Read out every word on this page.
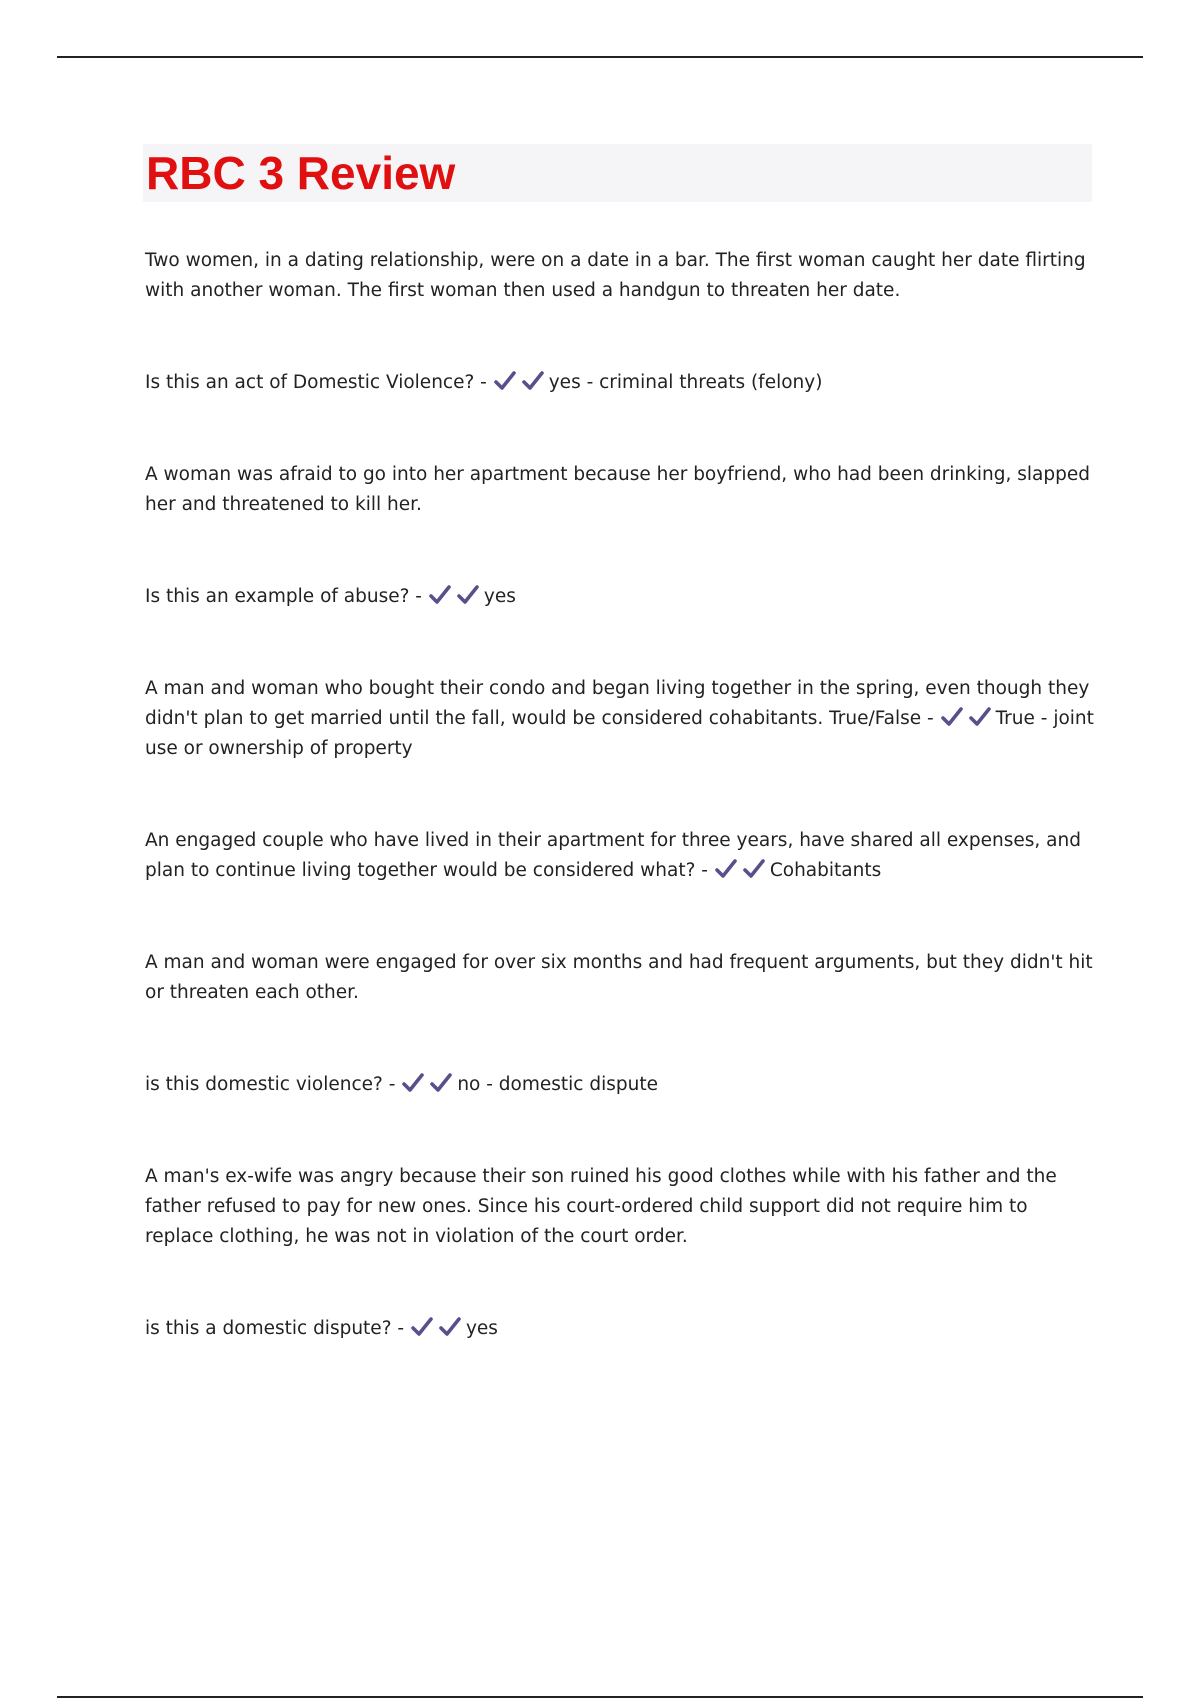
RBC 3 Review

Two women, in a dating relationship, were on a date in a bar. The first woman caught her date flirting with another woman. The first woman then used a handgun to threaten her date.

Is this an act of Domestic Violence? -	yes - criminal threats (felony)

A woman was afraid to go into her apartment because her boyfriend, who had been drinking, slapped her and threatened to kill her.

Is this an example of abuse? -	yes

A man and woman who bought their condo and began living together in the spring, even though they didn't plan to get married until the fall, would be considered cohabitants. True/False -	True - joint use or ownership of property

An engaged couple who have lived in their apartment for three years, have shared all expenses, and plan to continue living together would be considered what? -	Cohabitants

A man and woman were engaged for over six months and had frequent arguments, but they didn't hit or threaten each other.

is this domestic violence? -	no - domestic dispute

A man's ex-wife was angry because their son ruined his good clothes while with his father and the father refused to pay for new ones. Since his court-ordered child support did not require him to replace clothing, he was not in violation of the court order.

is this a domestic dispute? -	yes
